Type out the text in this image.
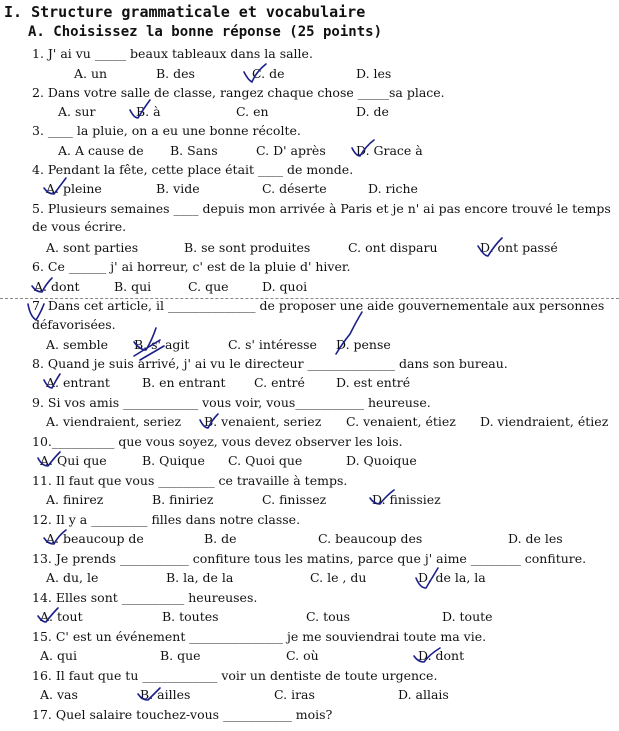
I. Structure grammaticale et vocabulaire
A. Choisissez la bonne réponse (25 points)
1. J' ai vu _____ beaux tableaux dans la salle.
A. un	B. des	C. de	D. les
2. Dans votre salle de classe, rangez chaque chose _____sa place.
A. sur	B. à	C. en	D. de
3. ____ la pluie, on a eu une bonne récolte.
A. A cause de B. Sans	C. D' après D. Grace à
4. Pendant la fête, cette place était ____ de monde.
A. pleine	B. vide	C. déserte	D. riche
5. Plusieurs semaines ____ depuis mon arrivée à Paris et je n' ai pas encore trouvé le temps
de vous écrire.
A. sont parties	B. se sont produites	C. ont disparu	D. ont passé
6. Ce ______ j' ai horreur, c' est de la pluie d' hiver.
A. dont	B. qui	C. que	D. quoi
7. Dans cet article, il ______________ de proposer une aide gouvernementale aux personnes
défavorisées.
A. semble B. s' agit	C. s' intéresse D. pense
8. Quand je suis arrivé, j' ai vu le directeur ______________ dans son bureau.
A. entrant	B. en entrant C. entré D. est entré
9. Si vos amis ____________ vous voir, vous___________ heureuse.
A. viendraient, seriez B. venaient, seriez C. venaient, étiez D. viendraient, étiez
10.__________ que vous soyez, vous devez observer les lois.
A. Qui que	B. Quique C. Quoi que	D. Quoique
11. Il faut que vous _________ ce travaille à temps.
A. finirez	B. finiriez	C. finissez	D. finissiez
12. Il y a _________ filles dans notre classe.
A. beaucoup de	B. de	C. beaucoup des	D. de les
13. Je prends ___________ confiture tous les matins, parce que j' aime ________ confiture.
A. du, le	B. la, de la	C. le , du	D. de la, la
14. Elles sont __________ heureuses.
A. tout	B. toutes	C. tous	D. toute
15. C' est un événement _______________ je me souviendrai toute ma vie.
A. qui	B. que	C. où	D. dont
16. Il faut que tu ____________ voir un dentiste de toute urgence.
A. vas	B. ailles	C. iras	D. allais
17. Quel salaire touchez-vous ___________ mois?
